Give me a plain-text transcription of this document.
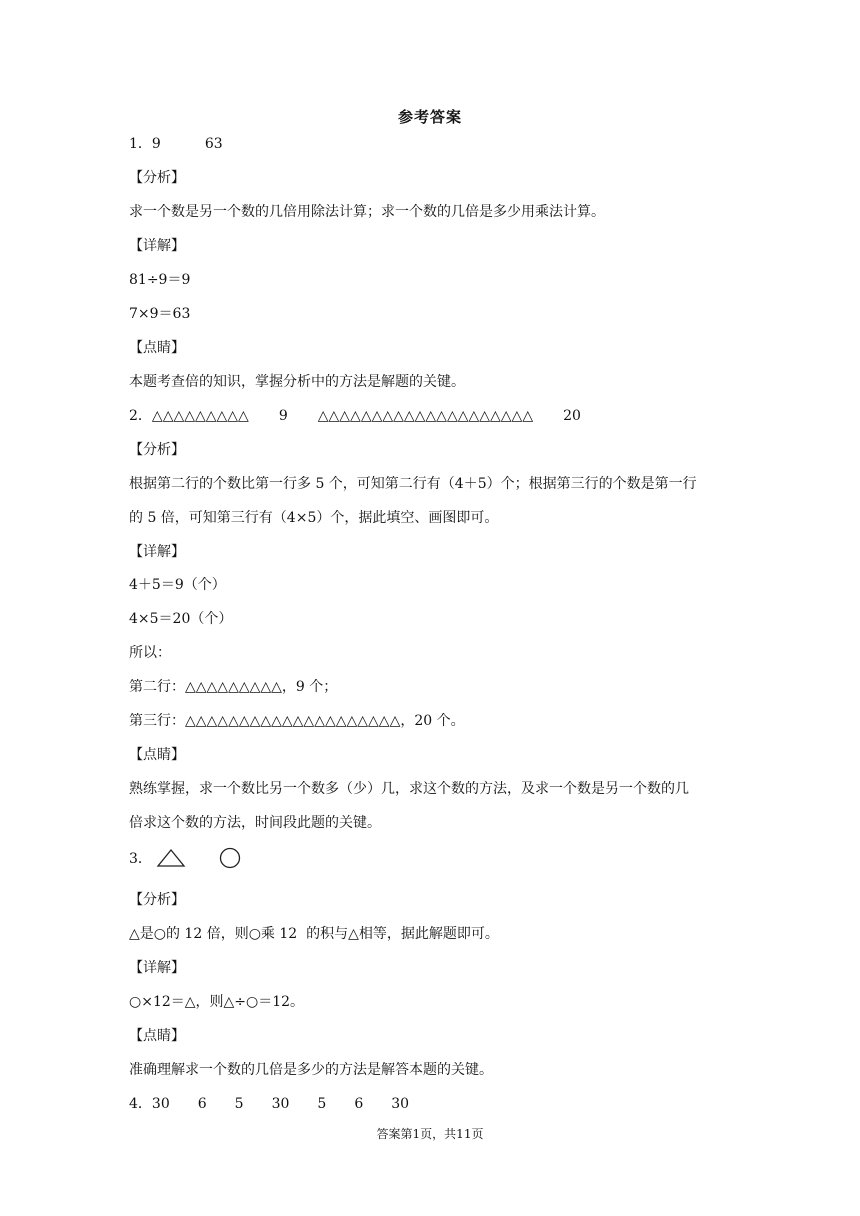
参考答案
1．9	63
【分析】
求一个数是另一个数的几倍用除法计算；求一个数的几倍是多少用乘法计算。
【详解】
81÷9＝9
7×9＝63
【点睛】
本题考查倍的知识，掌握分析中的方法是解题的关键。
2．△△△△△△△△△ 9 △△△△△△△△△△△△△△△△△△△△ 20
【分析】
根据第二行的个数比第一行多 5 个，可知第二行有（4＋5）个；根据第三行的个数是第一行
的 5 倍，可知第三行有（4×5）个，据此填空、画图即可。
【详解】
4＋5＝9（个）
4×5＝20（个）
所以：
第二行：△△△△△△△△△，9 个；
第三行：△△△△△△△△△△△△△△△△△△△△，20 个。
【点睛】
熟练掌握，求一个数比另一个数多（少）几，求这个数的方法，及求一个数是另一个数的几
倍求这个数的方法，时间段此题的关键。
3．
【分析】
△是○的 12 倍，则○乘 12  的积与△相等，据此解题即可。
【详解】
○×12＝△，则△÷○＝12。
【点睛】
准确理解求一个数的几倍是多少的方法是解答本题的关键。
4．30 6 5 30 5 6 30
答案第1页，共11页
